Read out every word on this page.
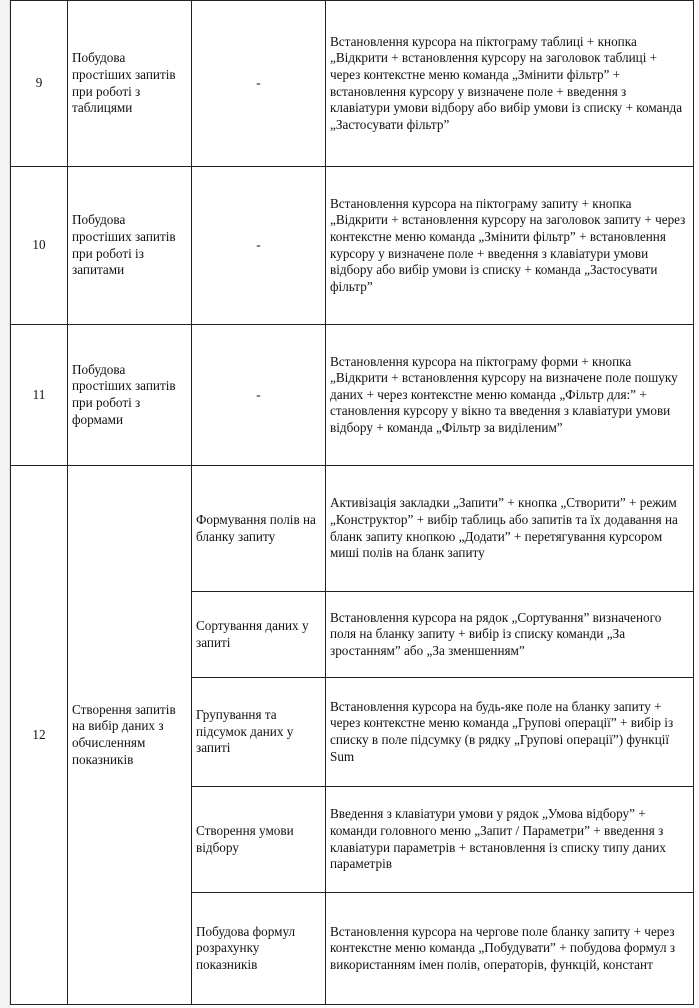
9	Побудова простіших запитів при роботі з таблицями	-	Встановлення курсора на піктограму таблиці + кнопка „Відкрити + встановлення курсору на заголовок таблиці + через контекстне меню команда „Змінити фільтр” + встановлення курсору у визначене поле + введення з клавіатури умови відбору або вибір умови із списку + команда „Застосувати фільтр”
10	Побудова простіших запитів при роботі із запитами	-	Встановлення курсора на піктограму запиту + кнопка „Відкрити + встановлення курсору на заголовок запиту + через контекстне меню команда „Змінити фільтр” + встановлення курсору у визначене поле + введення з клавіатури умови відбору або вибір умови із списку + команда „Застосувати фільтр”
11	Побудова простіших запитів при роботі з формами	-	Встановлення курсора на піктограму форми + кнопка „Відкрити + встановлення курсору на визначене поле пошуку даних + через контекстне меню команда „Фільтр для:” + становлення курсору у вікно та введення з клавіатури умови відбору + команда „Фільтр за виділеним”
12	Створення запитів на вибір даних з обчисленням показників	Формування полів на бланку запиту	Активізація закладки „Запити” + кнопка „Створити” + режим „Конструктор” + вибір таблиць або запитів та їх додавання на бланк запиту кнопкою „Додати” + перетягування курсором миші полів на бланк запиту
		Сортування даних у запиті	Встановлення курсора на рядок „Сортування” визначеного поля на бланку запиту + вибір із списку команди „За зростанням” або „За зменшенням”
		Групування та підсумок даних у запиті	Встановлення курсора на будь-яке поле на бланку запиту + через контекстне меню команда „Групові операції” + вибір із списку в поле підсумку (в рядку „Групові операції”) функції Sum
		Створення умови відбору	Введення з клавіатури умови у рядок „Умова відбору” + команди головного меню „Запит / Параметри” + введення з клавіатури параметрів + встановлення із списку типу даних параметрів
		Побудова формул розрахунку показників	Встановлення курсора на чергове поле бланку запиту + через контекстне меню команда „Побудувати” + побудова формул з використанням імен полів, операторів, функцій, констант
